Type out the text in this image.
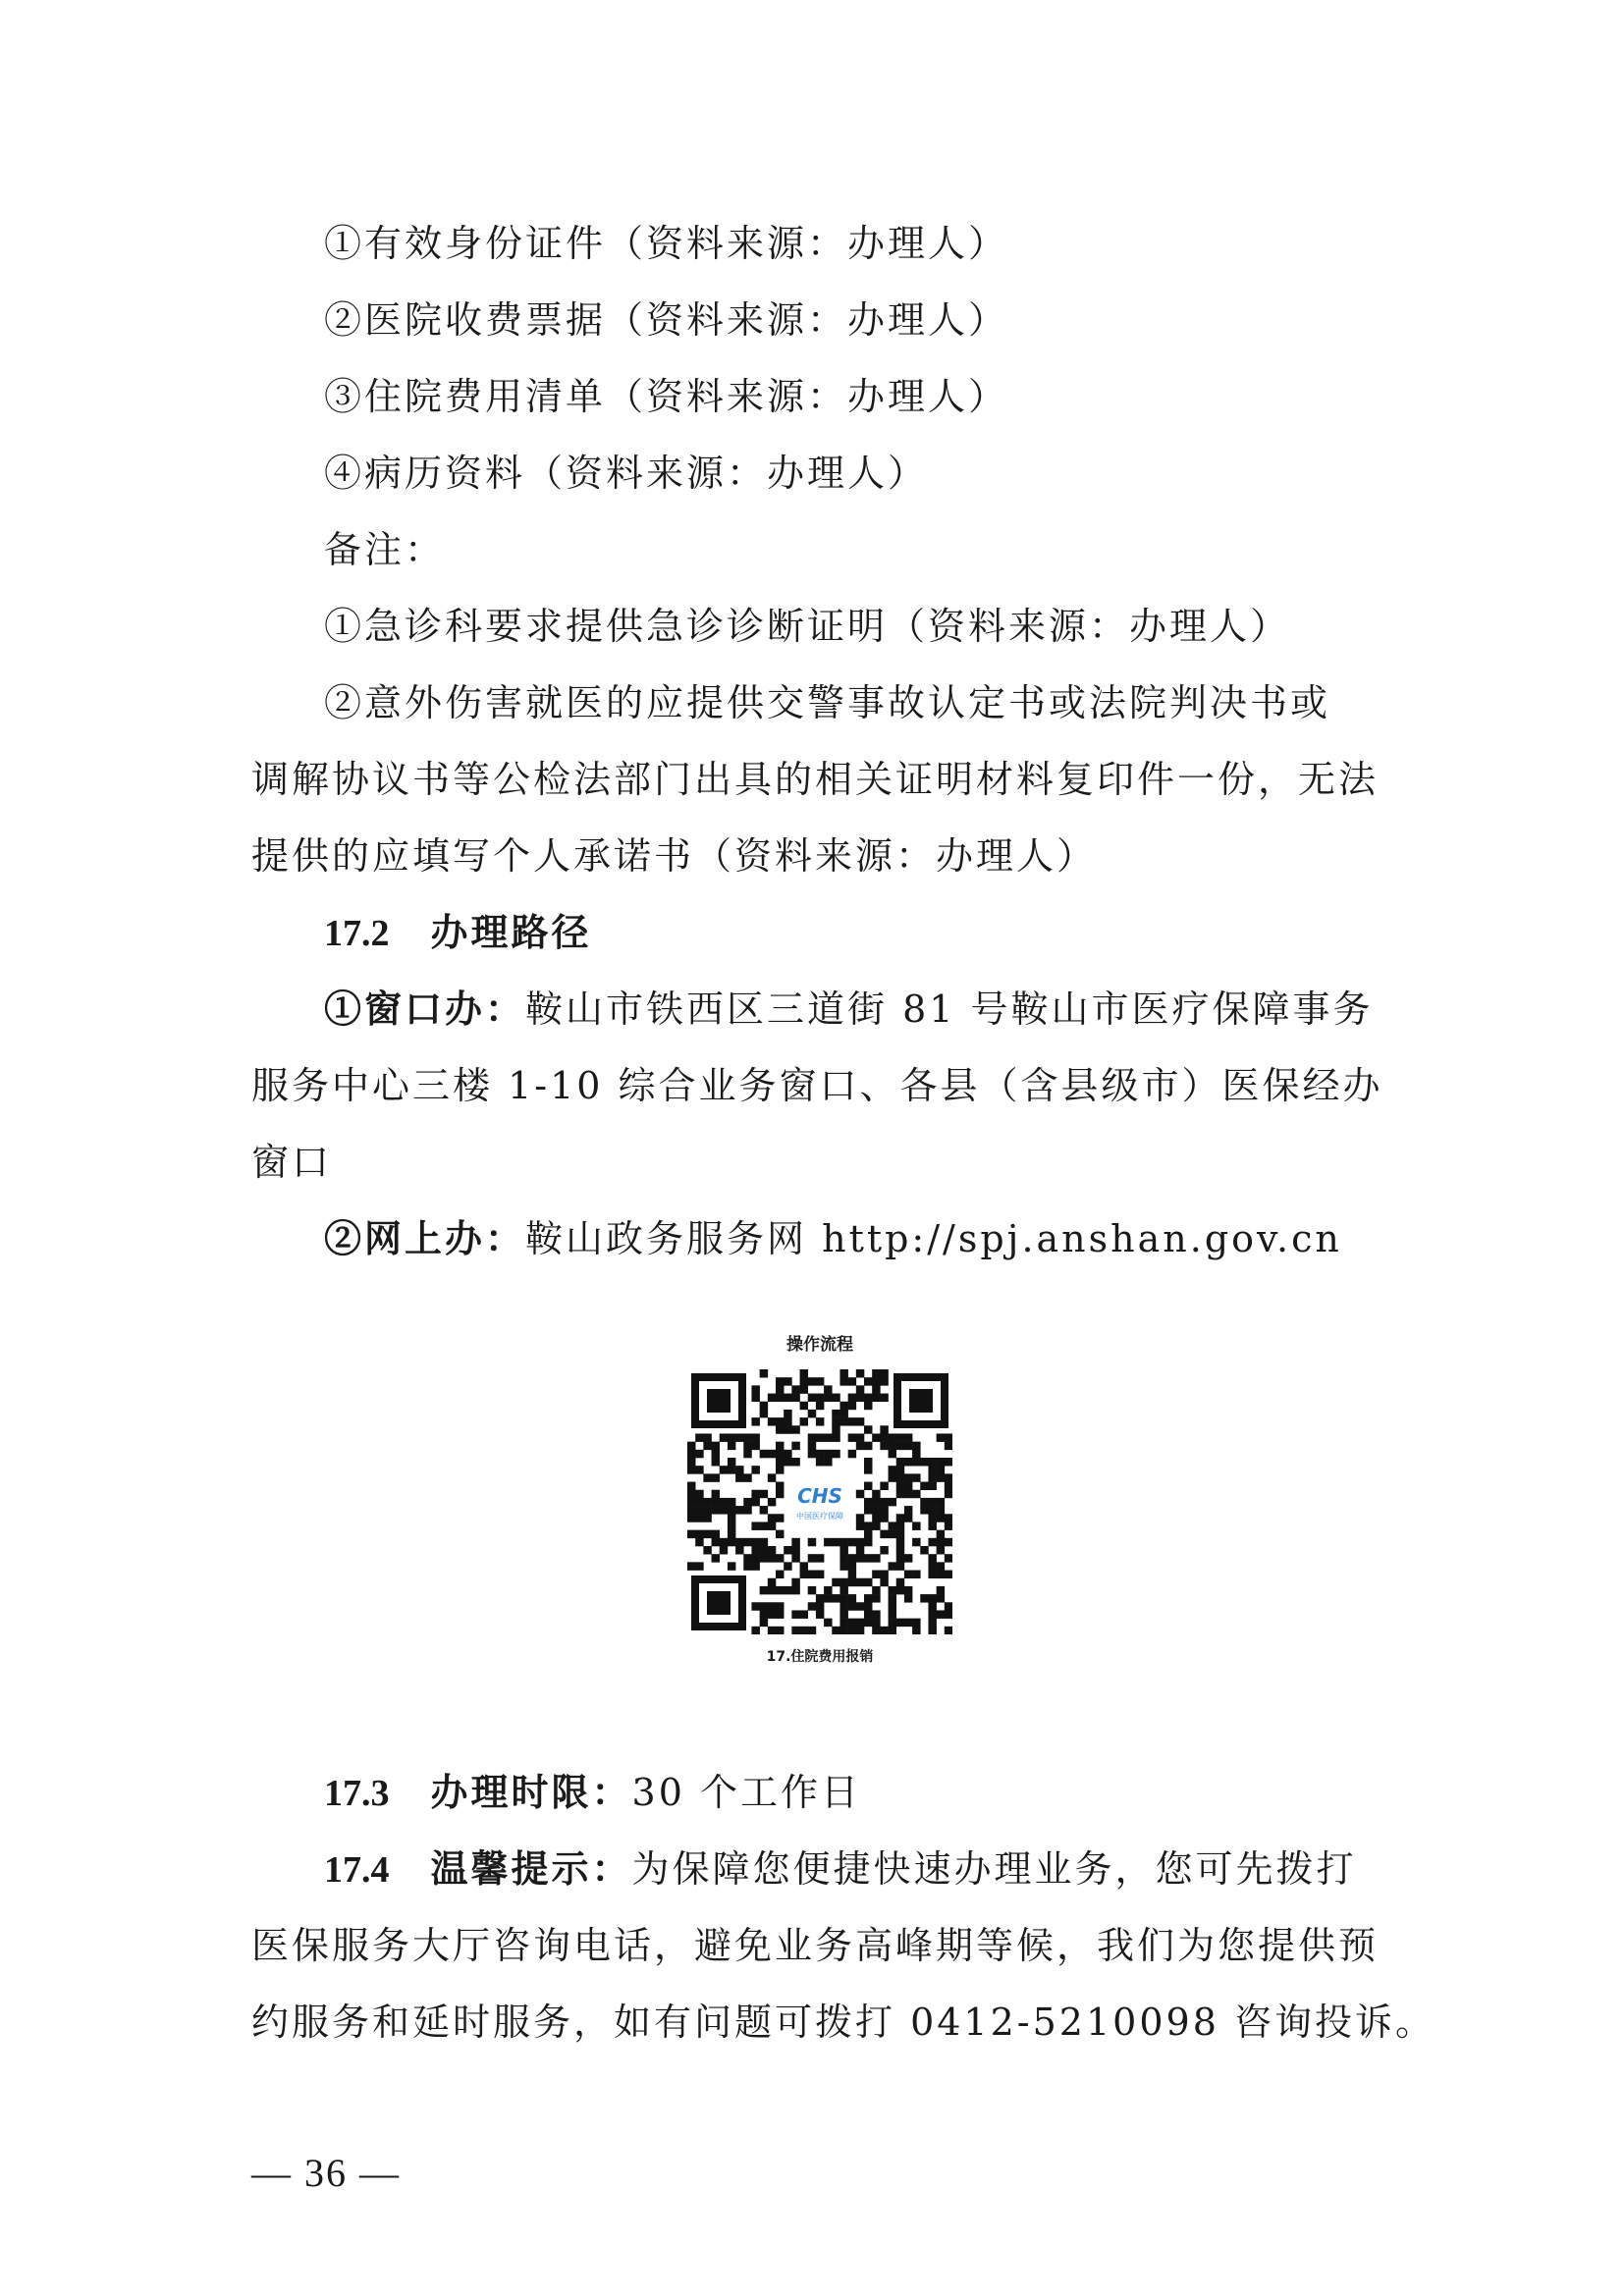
①有效身份证件（资料来源：办理人）
②医院收费票据（资料来源：办理人）
③住院费用清单（资料来源：办理人）
④病历资料（资料来源：办理人）
备注：
①急诊科要求提供急诊诊断证明（资料来源：办理人）
②意外伤害就医的应提供交警事故认定书或法院判决书或
调解协议书等公检法部门出具的相关证明材料复印件一份，无法
提供的应填写个人承诺书（资料来源：办理人）
17.2 办理路径
①窗口办：鞍山市铁西区三道街 81 号鞍山市医疗保障事务
服务中心三楼 1-10 综合业务窗口、各县（含县级市）医保经办
窗口
②网上办：鞍山政务服务网 http://spj.anshan.gov.cn
操作流程
CHS
中国医疗保障
17.住院费用报销
17.3 办理时限：30 个工作日
17.4 温馨提示：为保障您便捷快速办理业务，您可先拨打
医保服务大厅咨询电话，避免业务高峰期等候，我们为您提供预
约服务和延时服务，如有问题可拨打 0412-5210098 咨询投诉。
— 36 —
